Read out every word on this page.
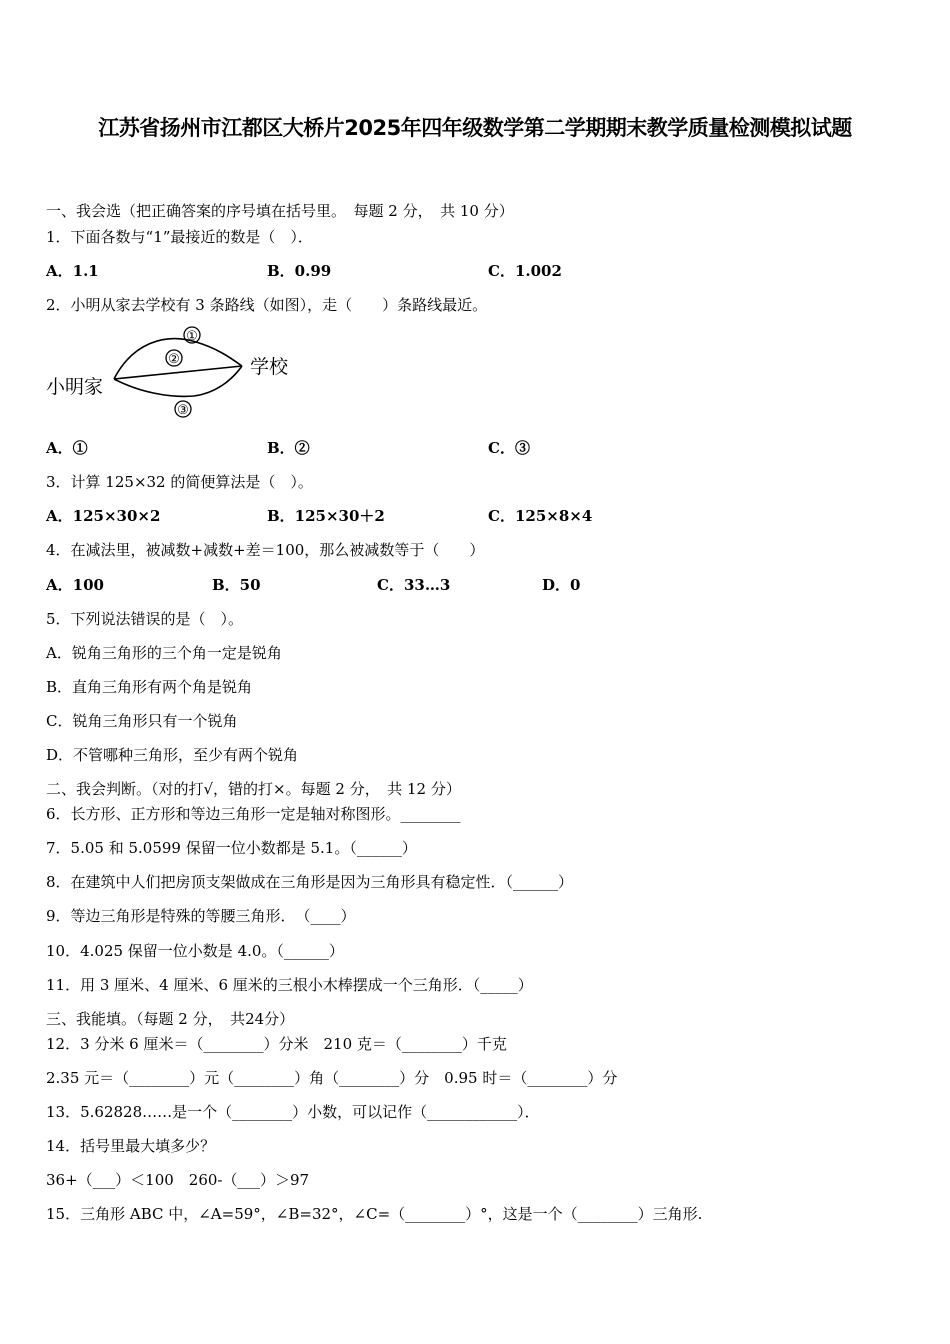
江苏省扬州市江都区大桥片2025年四年级数学第二学期期末教学质量检测模拟试题
一、我会选（把正确答案的序号填在括号里。　每题 2 分，　共 10 分）
1．下面各数与“1”最接近的数是（　）．
A．1.1	B．0.99	C．1.002
2．小明从家去学校有 3 条路线（如图），走（　　）条路线最近。
小明家
学校
①
②
③
A．①	B．②	C．③
3．计算 125×32 的简便算法是（　）。
A．125×30×2	B．125×30＋2	C．125×8×4
4．在减法里，被减数+减数+差＝100，那么被减数等于（　　）
A．100	B．50	C．33…3	D．0
5．下列说法错误的是（　）。
A．锐角三角形的三个角一定是锐角
B．直角三角形有两个角是锐角
C．锐角三角形只有一个锐角
D．不管哪种三角形，至少有两个锐角
二、我会判断。（对的打√，错的打×。每题 2 分，　共 12 分）
6．长方形、正方形和等边三角形一定是轴对称图形。________
7．5.05 和 5.0599 保留一位小数都是 5.1。（______）
8．在建筑中人们把房顶支架做成在三角形是因为三角形具有稳定性．（______）
9．等边三角形是特殊的等腰三角形．　（____）
10．4.025 保留一位小数是 4.0。（______）
11．用 3 厘米、4 厘米、6 厘米的三根小木棒摆成一个三角形．（_____）
三、我能填。（每题 2 分，　共24分）
12．3 分米 6 厘米＝（________）分米　210 克＝（________）千克
2.35 元＝（________）元（________）角（________）分　0.95 时＝（________）分
13．5.62828……是一个（________）小数，可以记作（____________）．
14．括号里最大填多少？
36+（___）＜100　260-（___）＞97
15．三角形 ABC 中，∠A=59°，∠B=32°，∠C=（________）°，这是一个（________）三角形.
